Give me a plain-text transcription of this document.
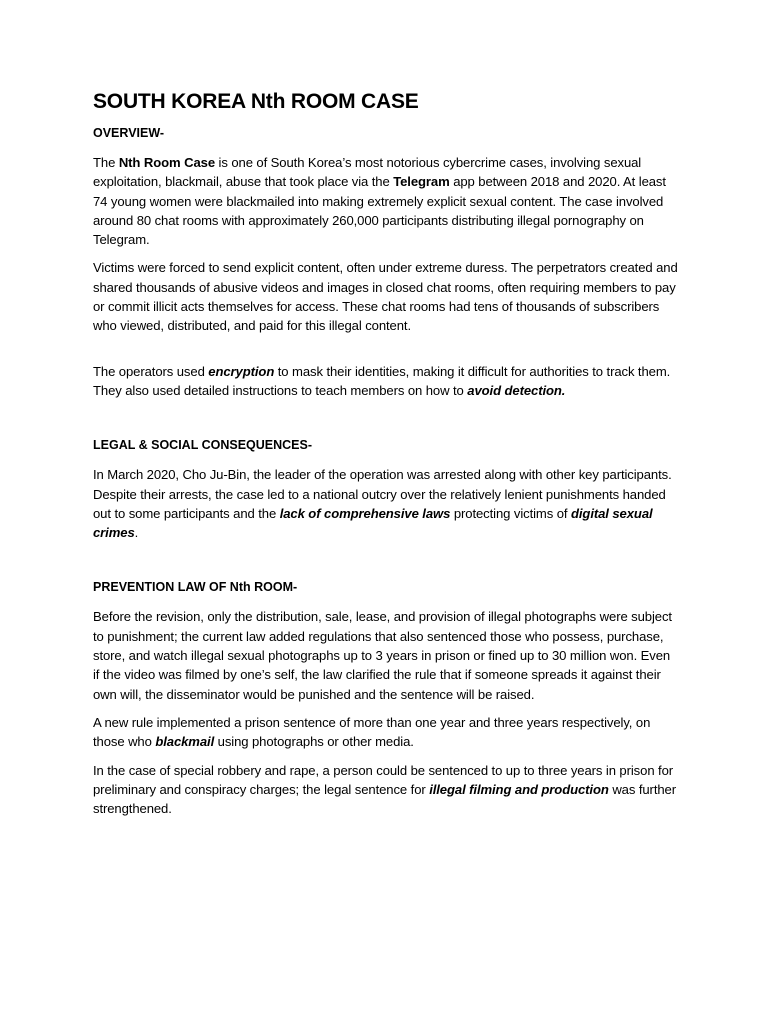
SOUTH KOREA Nth ROOM CASE
OVERVIEW-

The Nth Room Case is one of South Korea’s most notorious cybercrime cases, involving sexual exploitation, blackmail, abuse that took place via the Telegram app between 2018 and 2020. At least 74 young women were blackmailed into making extremely explicit sexual content. The case involved around 80 chat rooms with approximately 260,000 participants distributing illegal pornography on Telegram.

Victims were forced to send explicit content, often under extreme duress. The perpetrators created and shared thousands of abusive videos and images in closed chat rooms, often requiring members to pay or commit illicit acts themselves for access. These chat rooms had tens of thousands of subscribers who viewed, distributed, and paid for this illegal content.

The operators used encryption to mask their identities, making it difficult for authorities to track them. They also used detailed instructions to teach members on how to avoid detection.

LEGAL & SOCIAL CONSEQUENCES-

In March 2020, Cho Ju-Bin, the leader of the operation was arrested along with other key participants. Despite their arrests, the case led to a national outcry over the relatively lenient punishments handed out to some participants and the lack of comprehensive laws protecting victims of digital sexual crimes.

PREVENTION LAW OF Nth ROOM-

Before the revision, only the distribution, sale, lease, and provision of illegal photographs were subject to punishment; the current law added regulations that also sentenced those who possess, purchase, store, and watch illegal sexual photographs up to 3 years in prison or fined up to 30 million won. Even if the video was filmed by one’s self, the law clarified the rule that if someone spreads it against their own will, the disseminator would be punished and the sentence will be raised.

A new rule implemented a prison sentence of more than one year and three years respectively, on those who blackmail using photographs or other media.

In the case of special robbery and rape, a person could be sentenced to up to three years in prison for preliminary and conspiracy charges; the legal sentence for illegal filming and production was further strengthened.
